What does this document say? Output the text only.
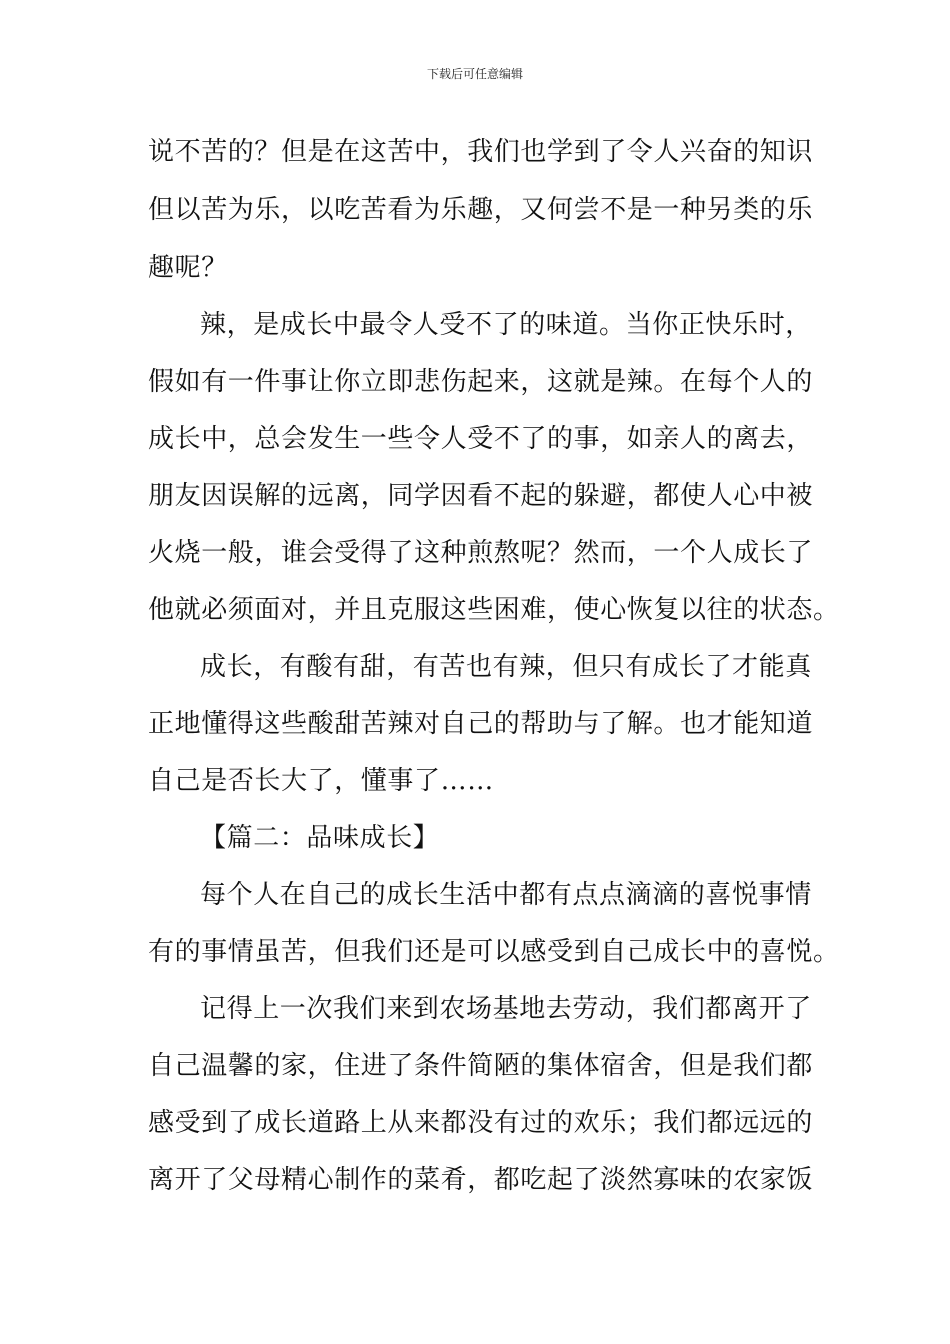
下载后可任意编辑
说不苦的？但是在这苦中，我们也学到了令人兴奋的知识
但以苦为乐，以吃苦看为乐趣，又何尝不是一种另类的乐
趣呢？
辣，是成长中最令人受不了的味道。当你正快乐时，
假如有一件事让你立即悲伤起来，这就是辣。在每个人的
成长中，总会发生一些令人受不了的事，如亲人的离去，
朋友因误解的远离，同学因看不起的躲避，都使人心中被
火烧一般，谁会受得了这种煎熬呢？然而，一个人成长了
他就必须面对，并且克服这些困难，使心恢复以往的状态。
成长，有酸有甜，有苦也有辣，但只有成长了才能真
正地懂得这些酸甜苦辣对自己的帮助与了解。也才能知道
自己是否长大了，懂事了……
【篇二：品味成长】
每个人在自己的成长生活中都有点点滴滴的喜悦事情
有的事情虽苦，但我们还是可以感受到自己成长中的喜悦。
记得上一次我们来到农场基地去劳动，我们都离开了
自己温馨的家，住进了条件简陋的集体宿舍，但是我们都
感受到了成长道路上从来都没有过的欢乐；我们都远远的
离开了父母精心制作的菜肴，都吃起了淡然寡味的农家饭
